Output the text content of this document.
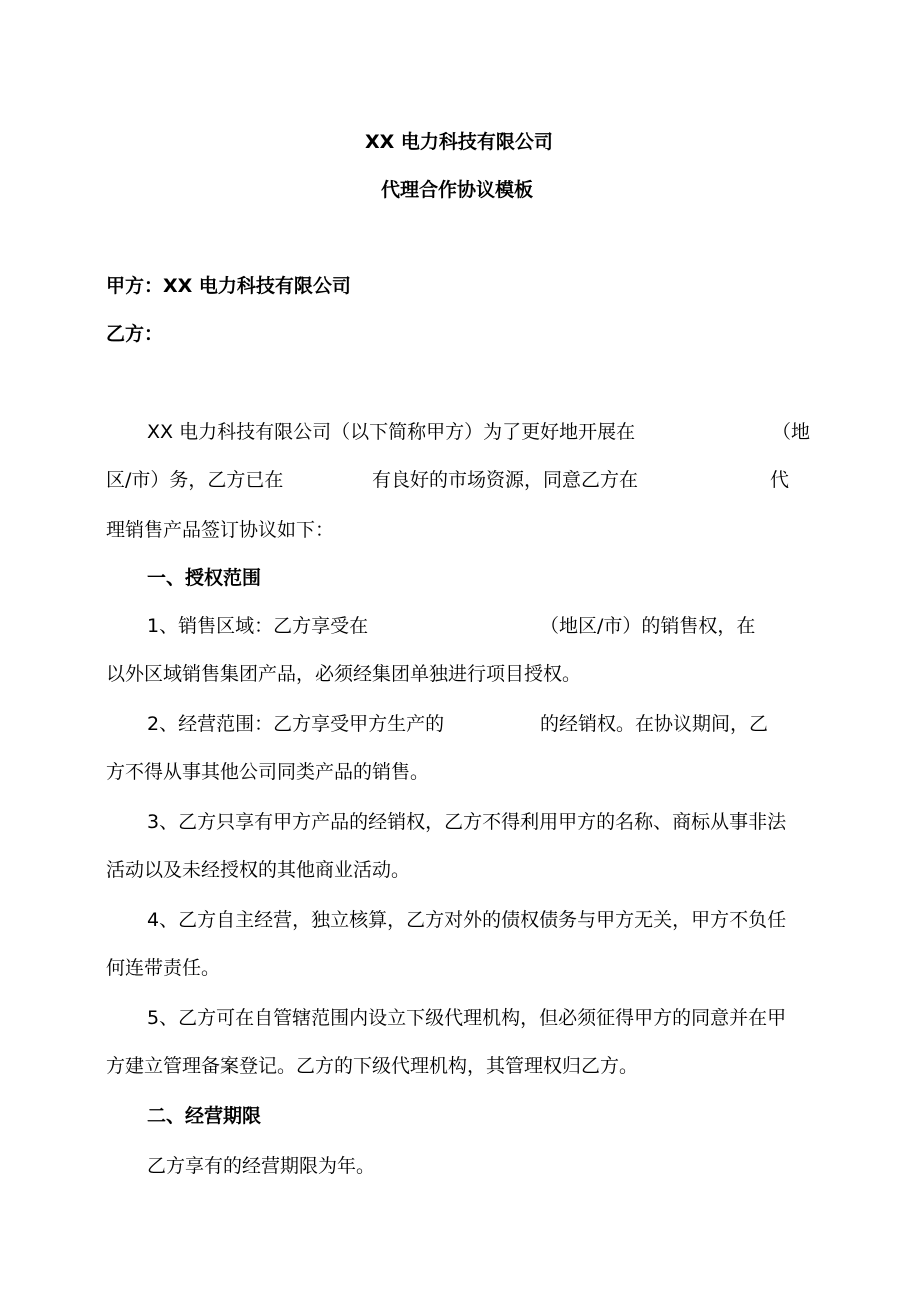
XX 电力科技有限公司
代理合作协议模板
甲方：XX 电力科技有限公司
乙方：
XX 电力科技有限公司（以下简称甲方）为了更好地开展在	（地
区/市）务，乙方已在	有良好的市场资源，同意乙方在	代
理销售产品签订协议如下：
一、授权范围
1、销售区域：乙方享受在	（地区/市）的销售权，在
以外区域销售集团产品，必须经集团单独进行项目授权。
2、经营范围：乙方享受甲方生产的	的经销权。在协议期间，乙
方不得从事其他公司同类产品的销售。
3、乙方只享有甲方产品的经销权，乙方不得利用甲方的名称、商标从事非法
活动以及未经授权的其他商业活动。
4、乙方自主经营，独立核算，乙方对外的债权债务与甲方无关，甲方不负任
何连带责任。
5、乙方可在自管辖范围内设立下级代理机构，但必须征得甲方的同意并在甲
方建立管理备案登记。乙方的下级代理机构，其管理权归乙方。
二、经营期限
乙方享有的经营期限为年。
